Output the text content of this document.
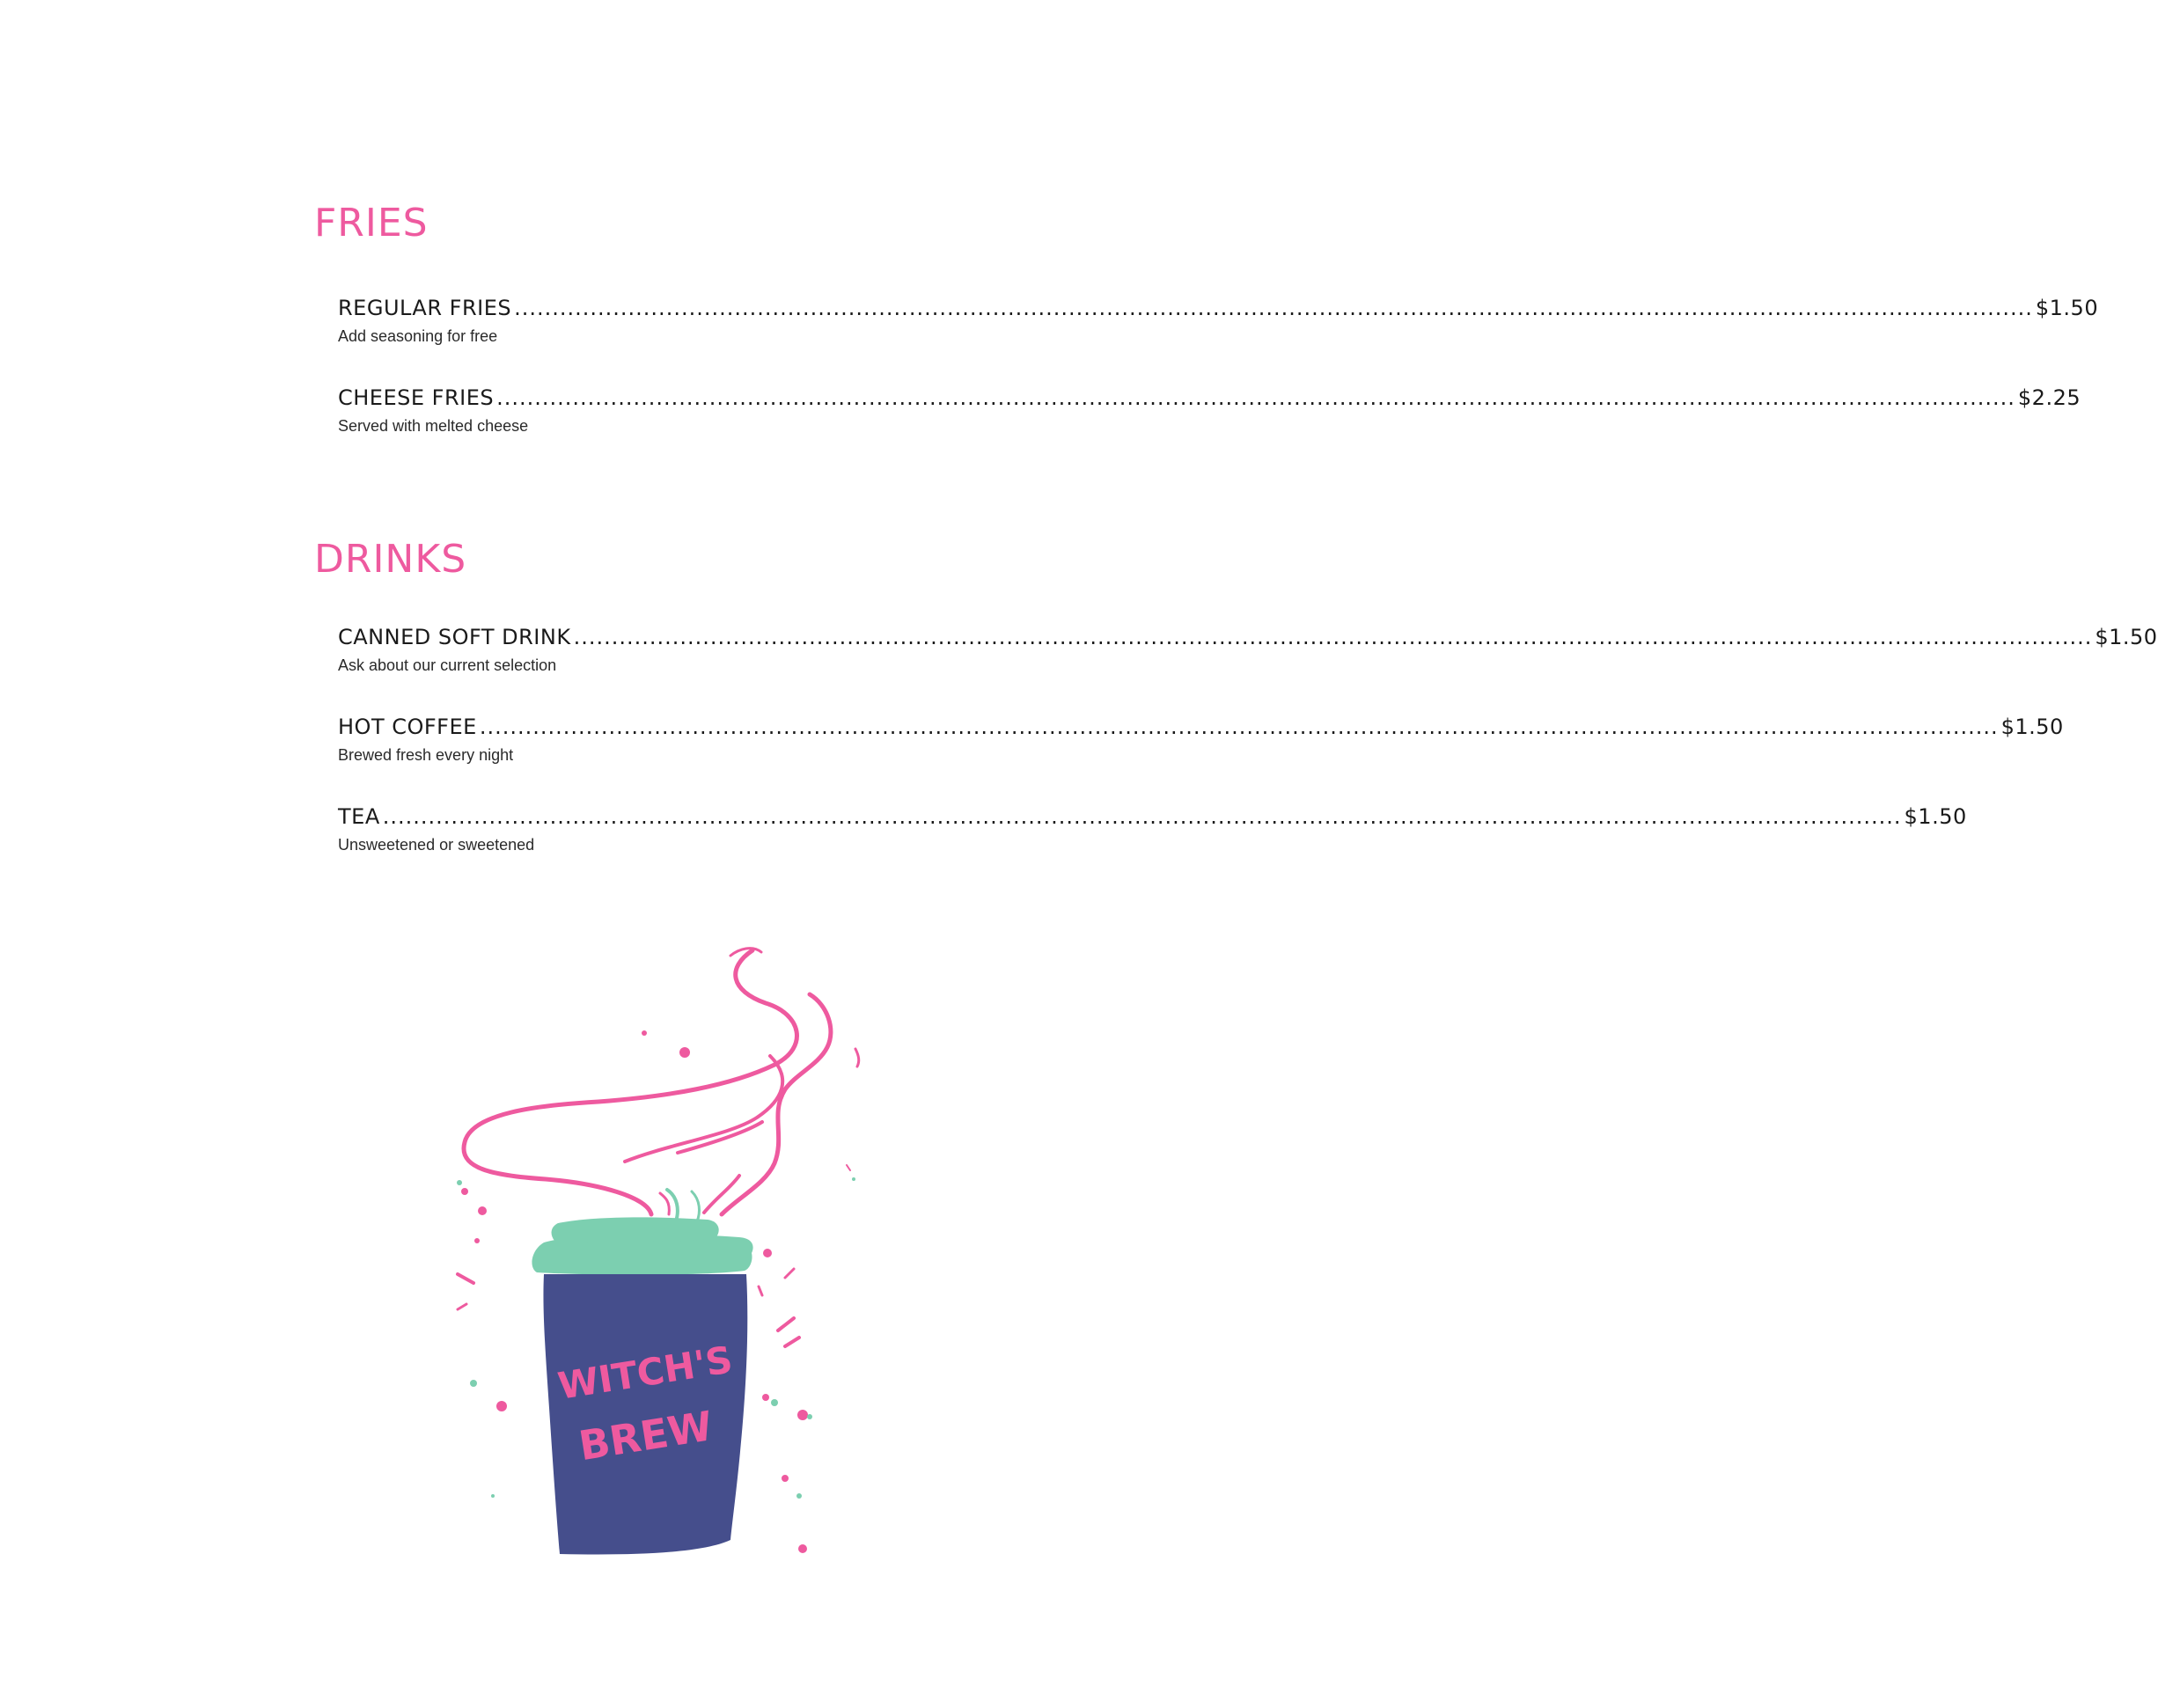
FRIES
REGULAR FRIES ........................................................................................................................................................................................................ $1.50
Add seasoning for free
CHEESE FRIES ........................................................................................................................................................................................................ $2.25
Served with melted cheese
DRINKS
CANNED SOFT DRINK ........................................................................................................................................................................................................ $1.50
Ask about our current selection
HOT COFFEE ........................................................................................................................................................................................................ $1.50
Brewed fresh every night
TEA ........................................................................................................................................................................................................ $1.50
Unsweetened or sweetened
WITCH'S
BREW
